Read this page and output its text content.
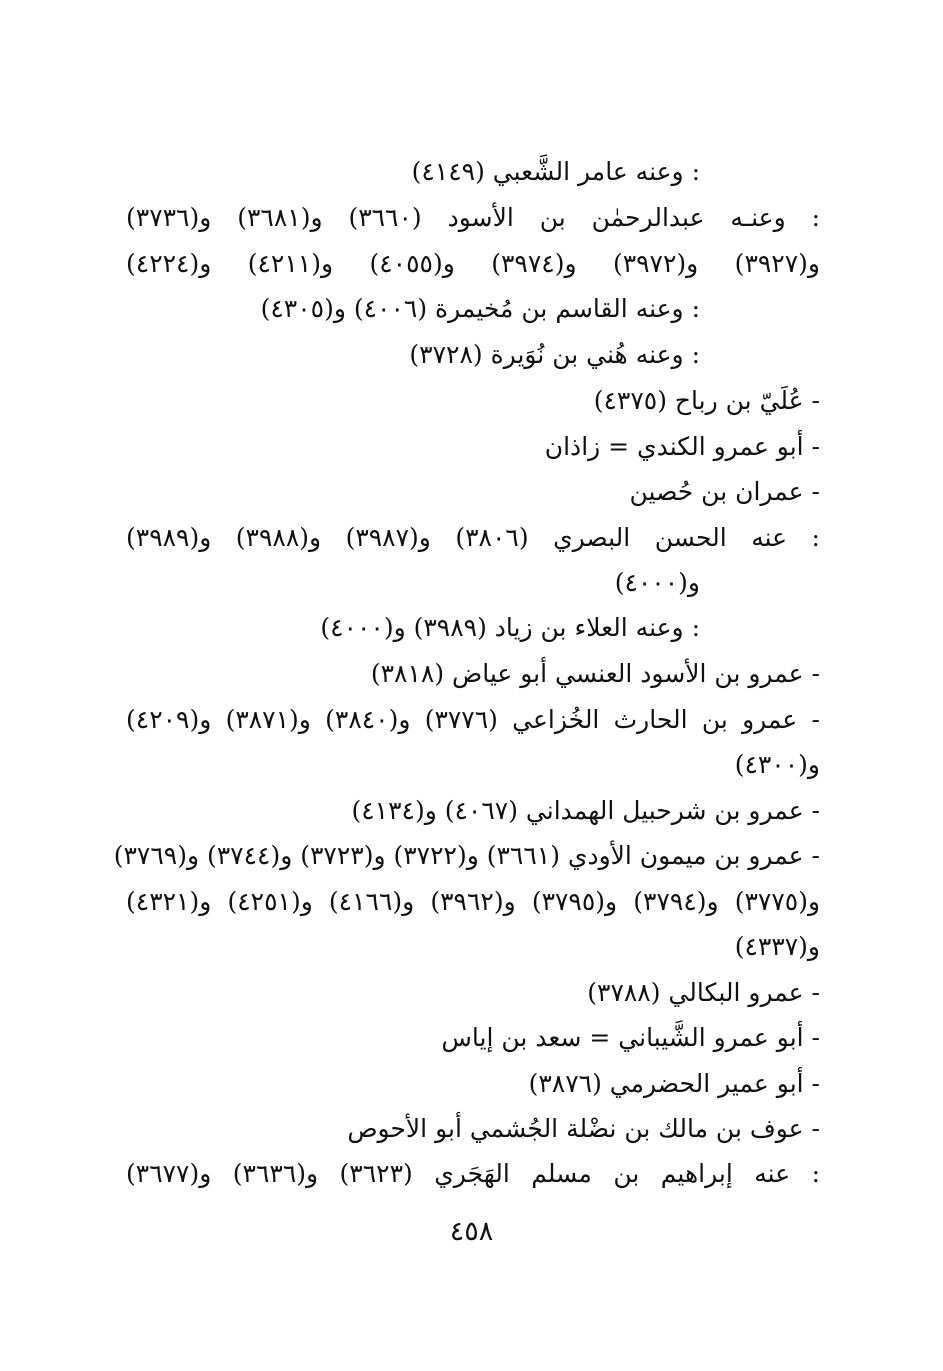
: وعنه عامر الشَّعبي (٤١٤٩)
: وعنـه عبدالرحمٰن بن الأسود (٣٦٦٠) و(٣٦٨١) و(٣٧٣٦)
و(٣٩٢٧) و(٣٩٧٢) و(٣٩٧٤) و(٤٠٥٥) و(٤٢١١) و(٤٢٢٤)
: وعنه القاسم بن مُخيمرة (٤٠٠٦) و(٤٣٠٥)
: وعنه هُني بن نُوَيرة (٣٧٢٨)
- عُلَيّ بن رباح (٤٣٧٥)
- أبو عمرو الكندي = زاذان
- عمران بن حُصين
: عنه الحسن البصري (٣٨٠٦) و(٣٩٨٧) و(٣٩٨٨) و(٣٩٨٩)
و(٤٠٠٠)
: وعنه العلاء بن زياد (٣٩٨٩) و(٤٠٠٠)
- عمرو بن الأسود العنسي أبو عياض (٣٨١٨)
- عمرو بن الحارث الخُزاعي (٣٧٧٦) و(٣٨٤٠) و(٣٨٧١) و(٤٢٠٩)
و(٤٣٠٠)
- عمرو بن شرحبيل الهمداني (٤٠٦٧) و(٤١٣٤)
- عمرو بن ميمون الأودي (٣٦٦١) و(٣٧٢٢) و(٣٧٢٣) و(٣٧٤٤) و(٣٧٦٩)
و(٣٧٧٥) و(٣٧٩٤) و(٣٧٩٥) و(٣٩٦٢) و(٤١٦٦) و(٤٢٥١) و(٤٣٢١)
و(٤٣٣٧)
- عمرو البكالي (٣٧٨٨)
- أبو عمرو الشَّيباني = سعد بن إياس
- أبو عمير الحضرمي (٣٨٧٦)
- عوف بن مالك بن نضْلة الجُشمي أبو الأحوص
: عنه إبراهيم بن مسلم الهَجَري (٣٦٢٣) و(٣٦٣٦) و(٣٦٧٧)
٤٥٨
